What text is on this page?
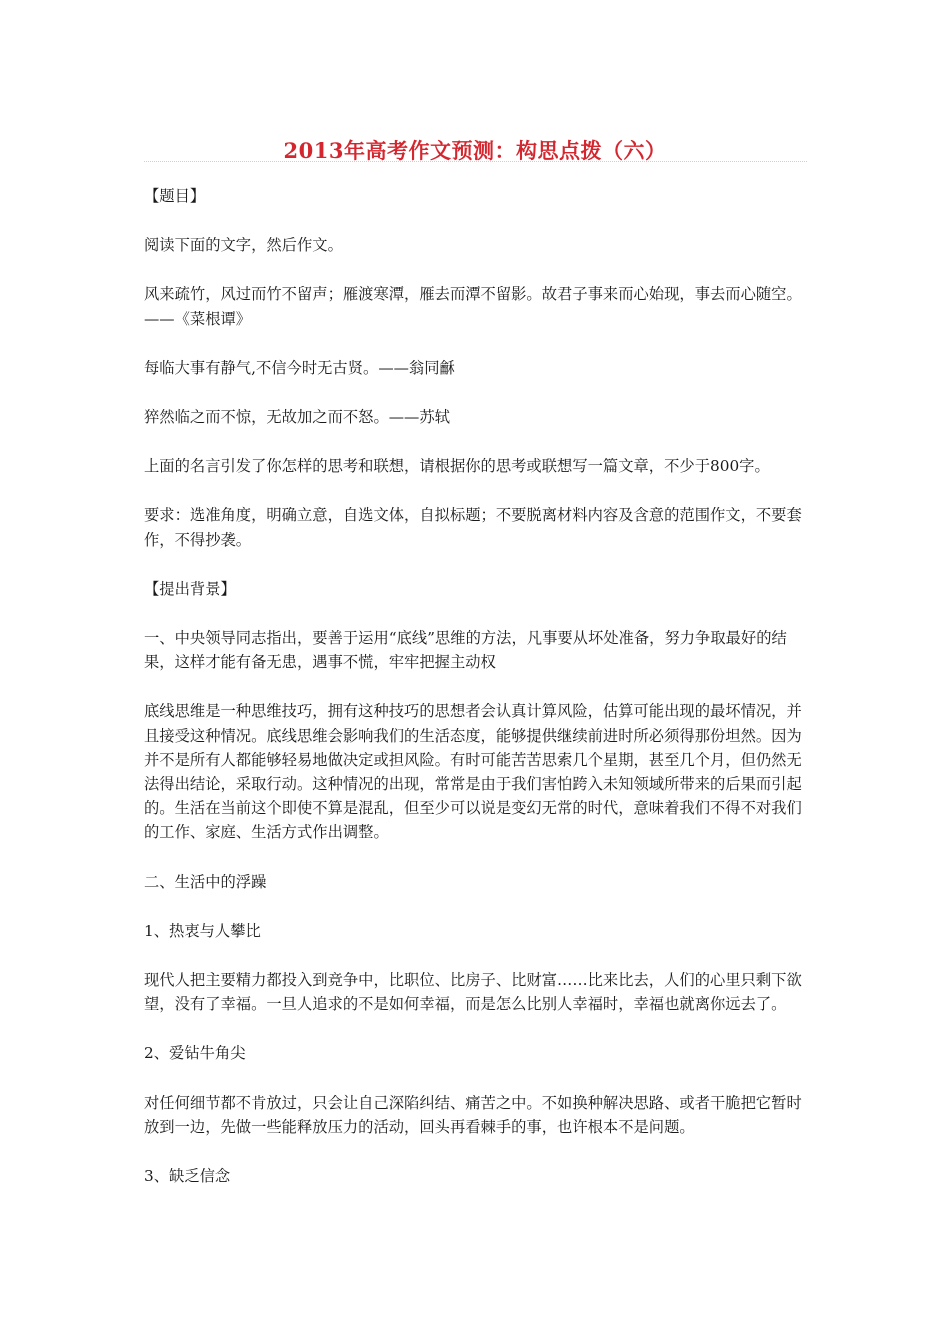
2013年高考作文预测：构思点拨（六）

【题目】

阅读下面的文字，然后作文。

风来疏竹，风过而竹不留声；雁渡寒潭，雁去而潭不留影。故君子事来而心始现，事去而心随空。——《菜根谭》

每临大事有静气,不信今时无古贤。——翁同龢

猝然临之而不惊，无故加之而不怒。——苏轼

上面的名言引发了你怎样的思考和联想，请根据你的思考或联想写一篇文章，不少于800字。

要求：选准角度，明确立意，自选文体，自拟标题；不要脱离材料内容及含意的范围作文，不要套作，不得抄袭。

【提出背景】

一、中央领导同志指出，要善于运用“底线”思维的方法，凡事要从坏处准备，努力争取最好的结果，这样才能有备无患，遇事不慌，牢牢把握主动权

底线思维是一种思维技巧，拥有这种技巧的思想者会认真计算风险，估算可能出现的最坏情况，并且接受这种情况。底线思维会影响我们的生活态度，能够提供继续前进时所必须得那份坦然。因为并不是所有人都能够轻易地做决定或担风险。有时可能苦苦思索几个星期，甚至几个月，但仍然无法得出结论，采取行动。这种情况的出现，常常是由于我们害怕跨入未知领域所带来的后果而引起的。生活在当前这个即使不算是混乱，但至少可以说是变幻无常的时代，意味着我们不得不对我们的工作、家庭、生活方式作出调整。

二、生活中的浮躁

1、热衷与人攀比

现代人把主要精力都投入到竞争中，比职位、比房子、比财富……比来比去，人们的心里只剩下欲望，没有了幸福。一旦人追求的不是如何幸福，而是怎么比别人幸福时，幸福也就离你远去了。

2、爱钻牛角尖

对任何细节都不肯放过，只会让自己深陷纠结、痛苦之中。不如换种解决思路、或者干脆把它暂时放到一边，先做一些能释放压力的活动，回头再看棘手的事，也许根本不是问题。

3、缺乏信念
